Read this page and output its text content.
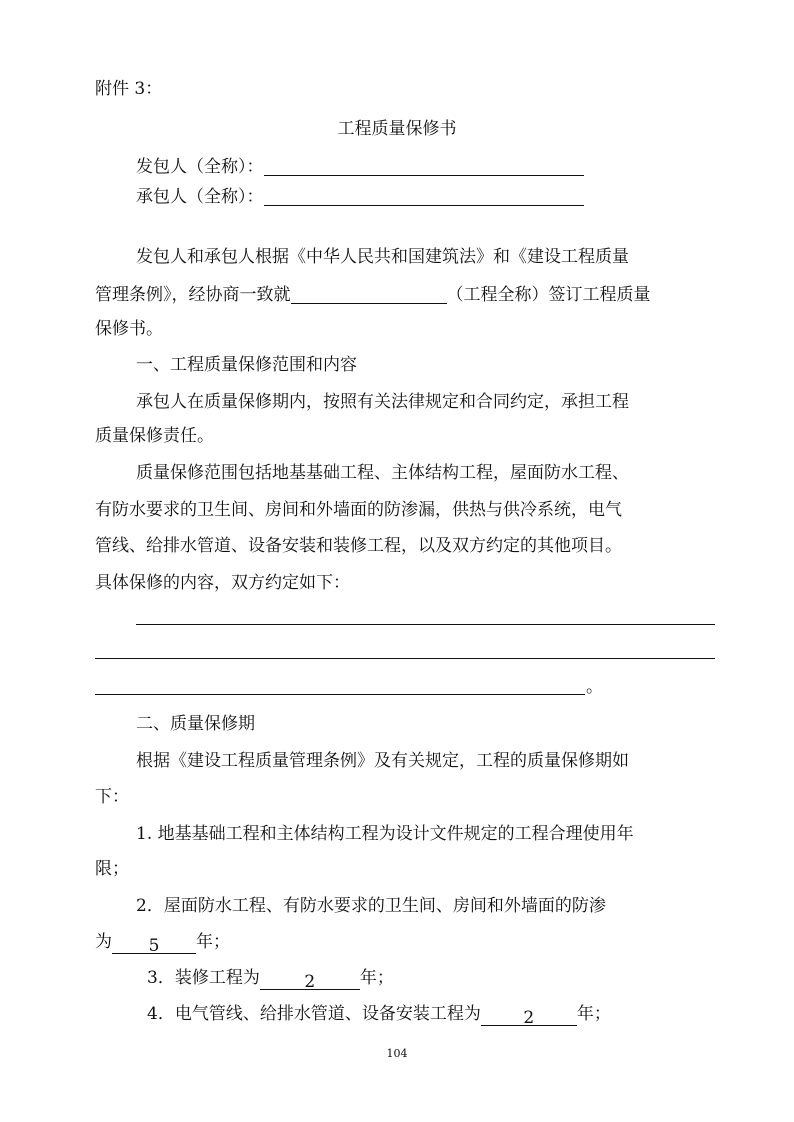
附件 3：
工程质量保修书
发包人（全称）：
承包人（全称）：
发包人和承包人根据《中华人民共和国建筑法》和《建设工程质量
管理条例》，经协商一致就	（工程全称）签订工程质量
保修书。
一、工程质量保修范围和内容
承包人在质量保修期内，按照有关法律规定和合同约定，承担工程
质量保修责任。
质量保修范围包括地基基础工程、主体结构工程，屋面防水工程、
有防水要求的卫生间、房间和外墙面的防渗漏，供热与供冷系统，电气
管线、给排水管道、设备安装和装修工程，以及双方约定的其他项目。
具体保修的内容，双方约定如下：
。
二、质量保修期
根据《建设工程质量管理条例》及有关规定，工程的质量保修期如
下：
1. 地基基础工程和主体结构工程为设计文件规定的工程合理使用年
限；
2．屋面防水工程、有防水要求的卫生间、房间和外墙面的防渗
为 5 年；
3．装修工程为	2	年；
4．电气管线、给排水管道、设备安装工程为	2	年；
104
